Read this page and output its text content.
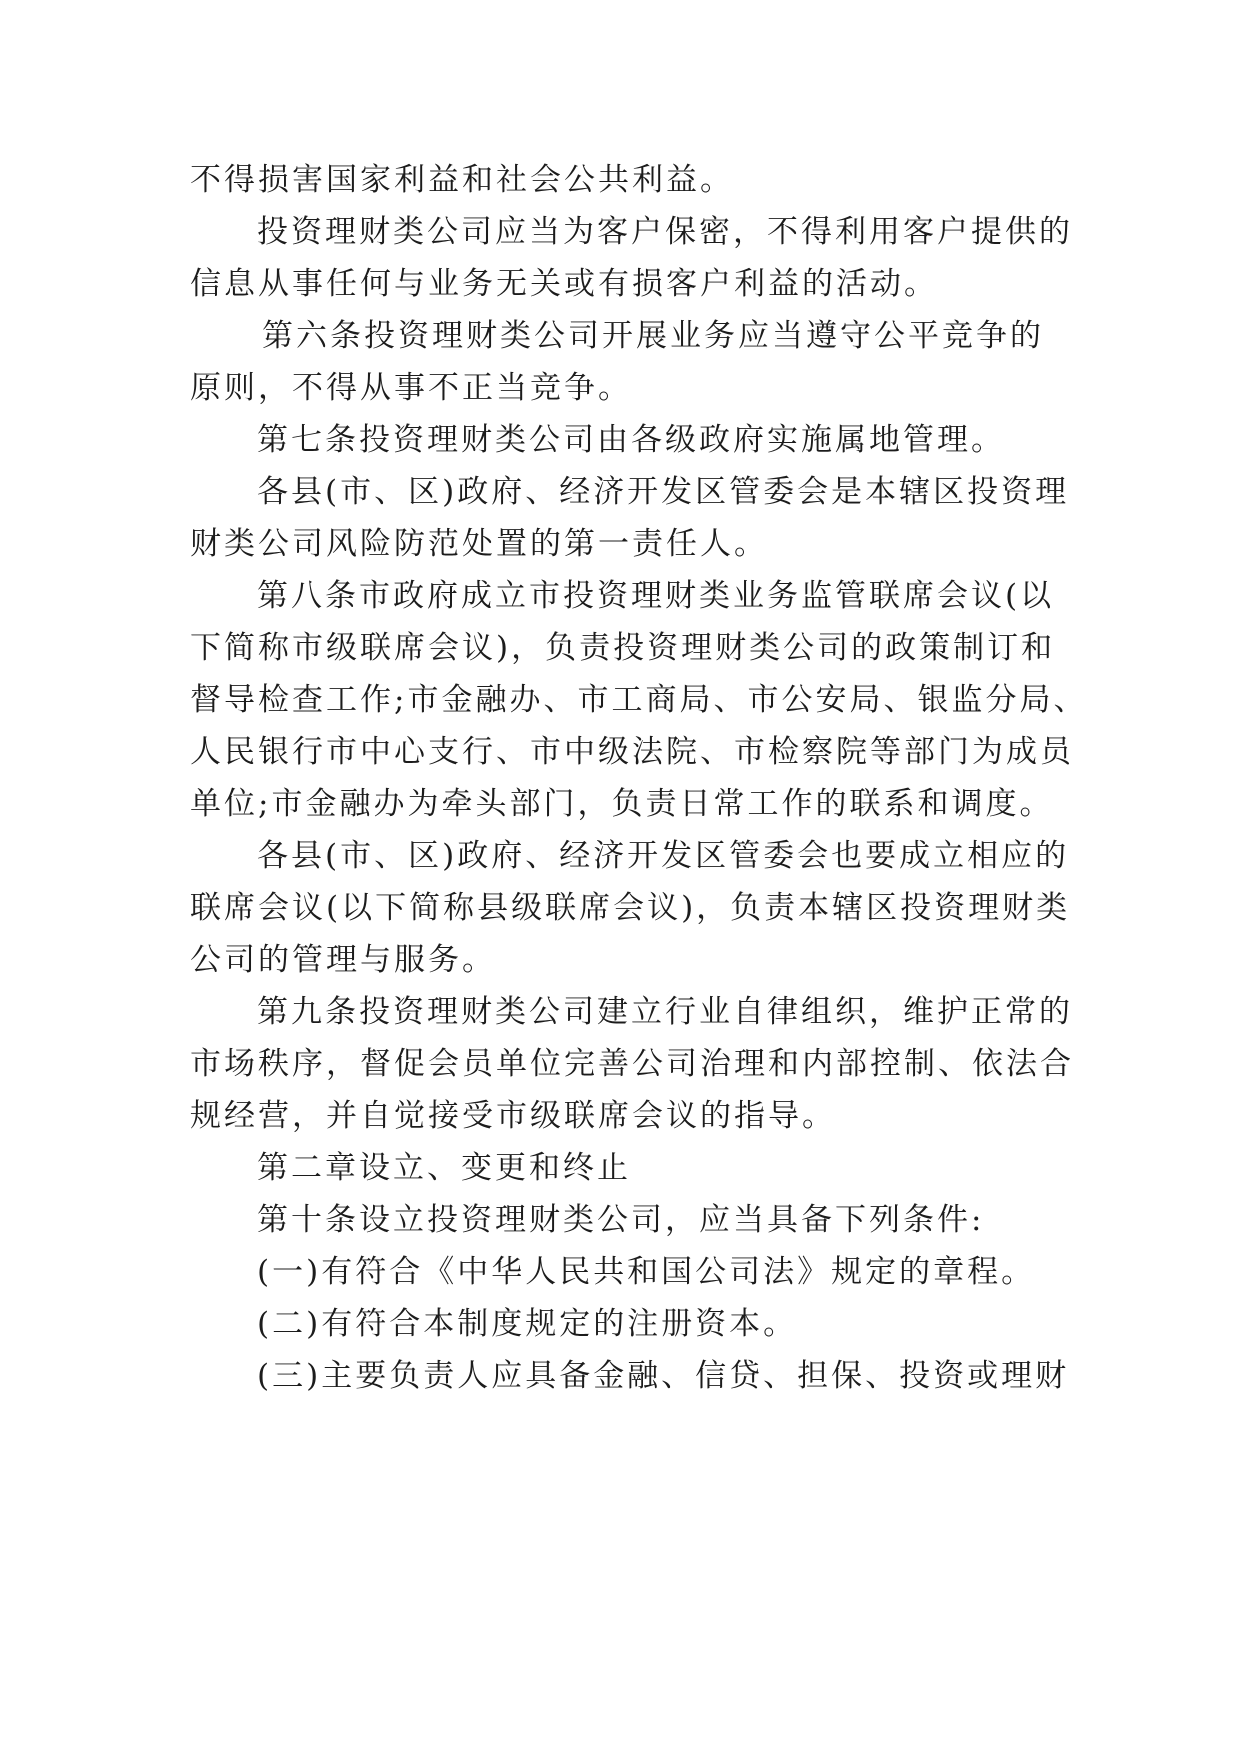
不得损害国家利益和社会公共利益。
投资理财类公司应当为客户保密，不得利用客户提供的
信息从事任何与业务无关或有损客户利益的活动。
第六条投资理财类公司开展业务应当遵守公平竞争的
原则，不得从事不正当竞争。
第七条投资理财类公司由各级政府实施属地管理。
各县(市、区)政府、经济开发区管委会是本辖区投资理
财类公司风险防范处置的第一责任人。
第八条市政府成立市投资理财类业务监管联席会议(以
下简称市级联席会议)，负责投资理财类公司的政策制订和
督导检查工作;市金融办、市工商局、市公安局、银监分局、
人民银行市中心支行、市中级法院、市检察院等部门为成员
单位;市金融办为牵头部门，负责日常工作的联系和调度。
各县(市、区)政府、经济开发区管委会也要成立相应的
联席会议(以下简称县级联席会议)，负责本辖区投资理财类
公司的管理与服务。
第九条投资理财类公司建立行业自律组织，维护正常的
市场秩序，督促会员单位完善公司治理和内部控制、依法合
规经营，并自觉接受市级联席会议的指导。
第二章设立、变更和终止
第十条设立投资理财类公司，应当具备下列条件:
(一)有符合《中华人民共和国公司法》规定的章程。
(二)有符合本制度规定的注册资本。
(三)主要负责人应具备金融、信贷、担保、投资或理财
